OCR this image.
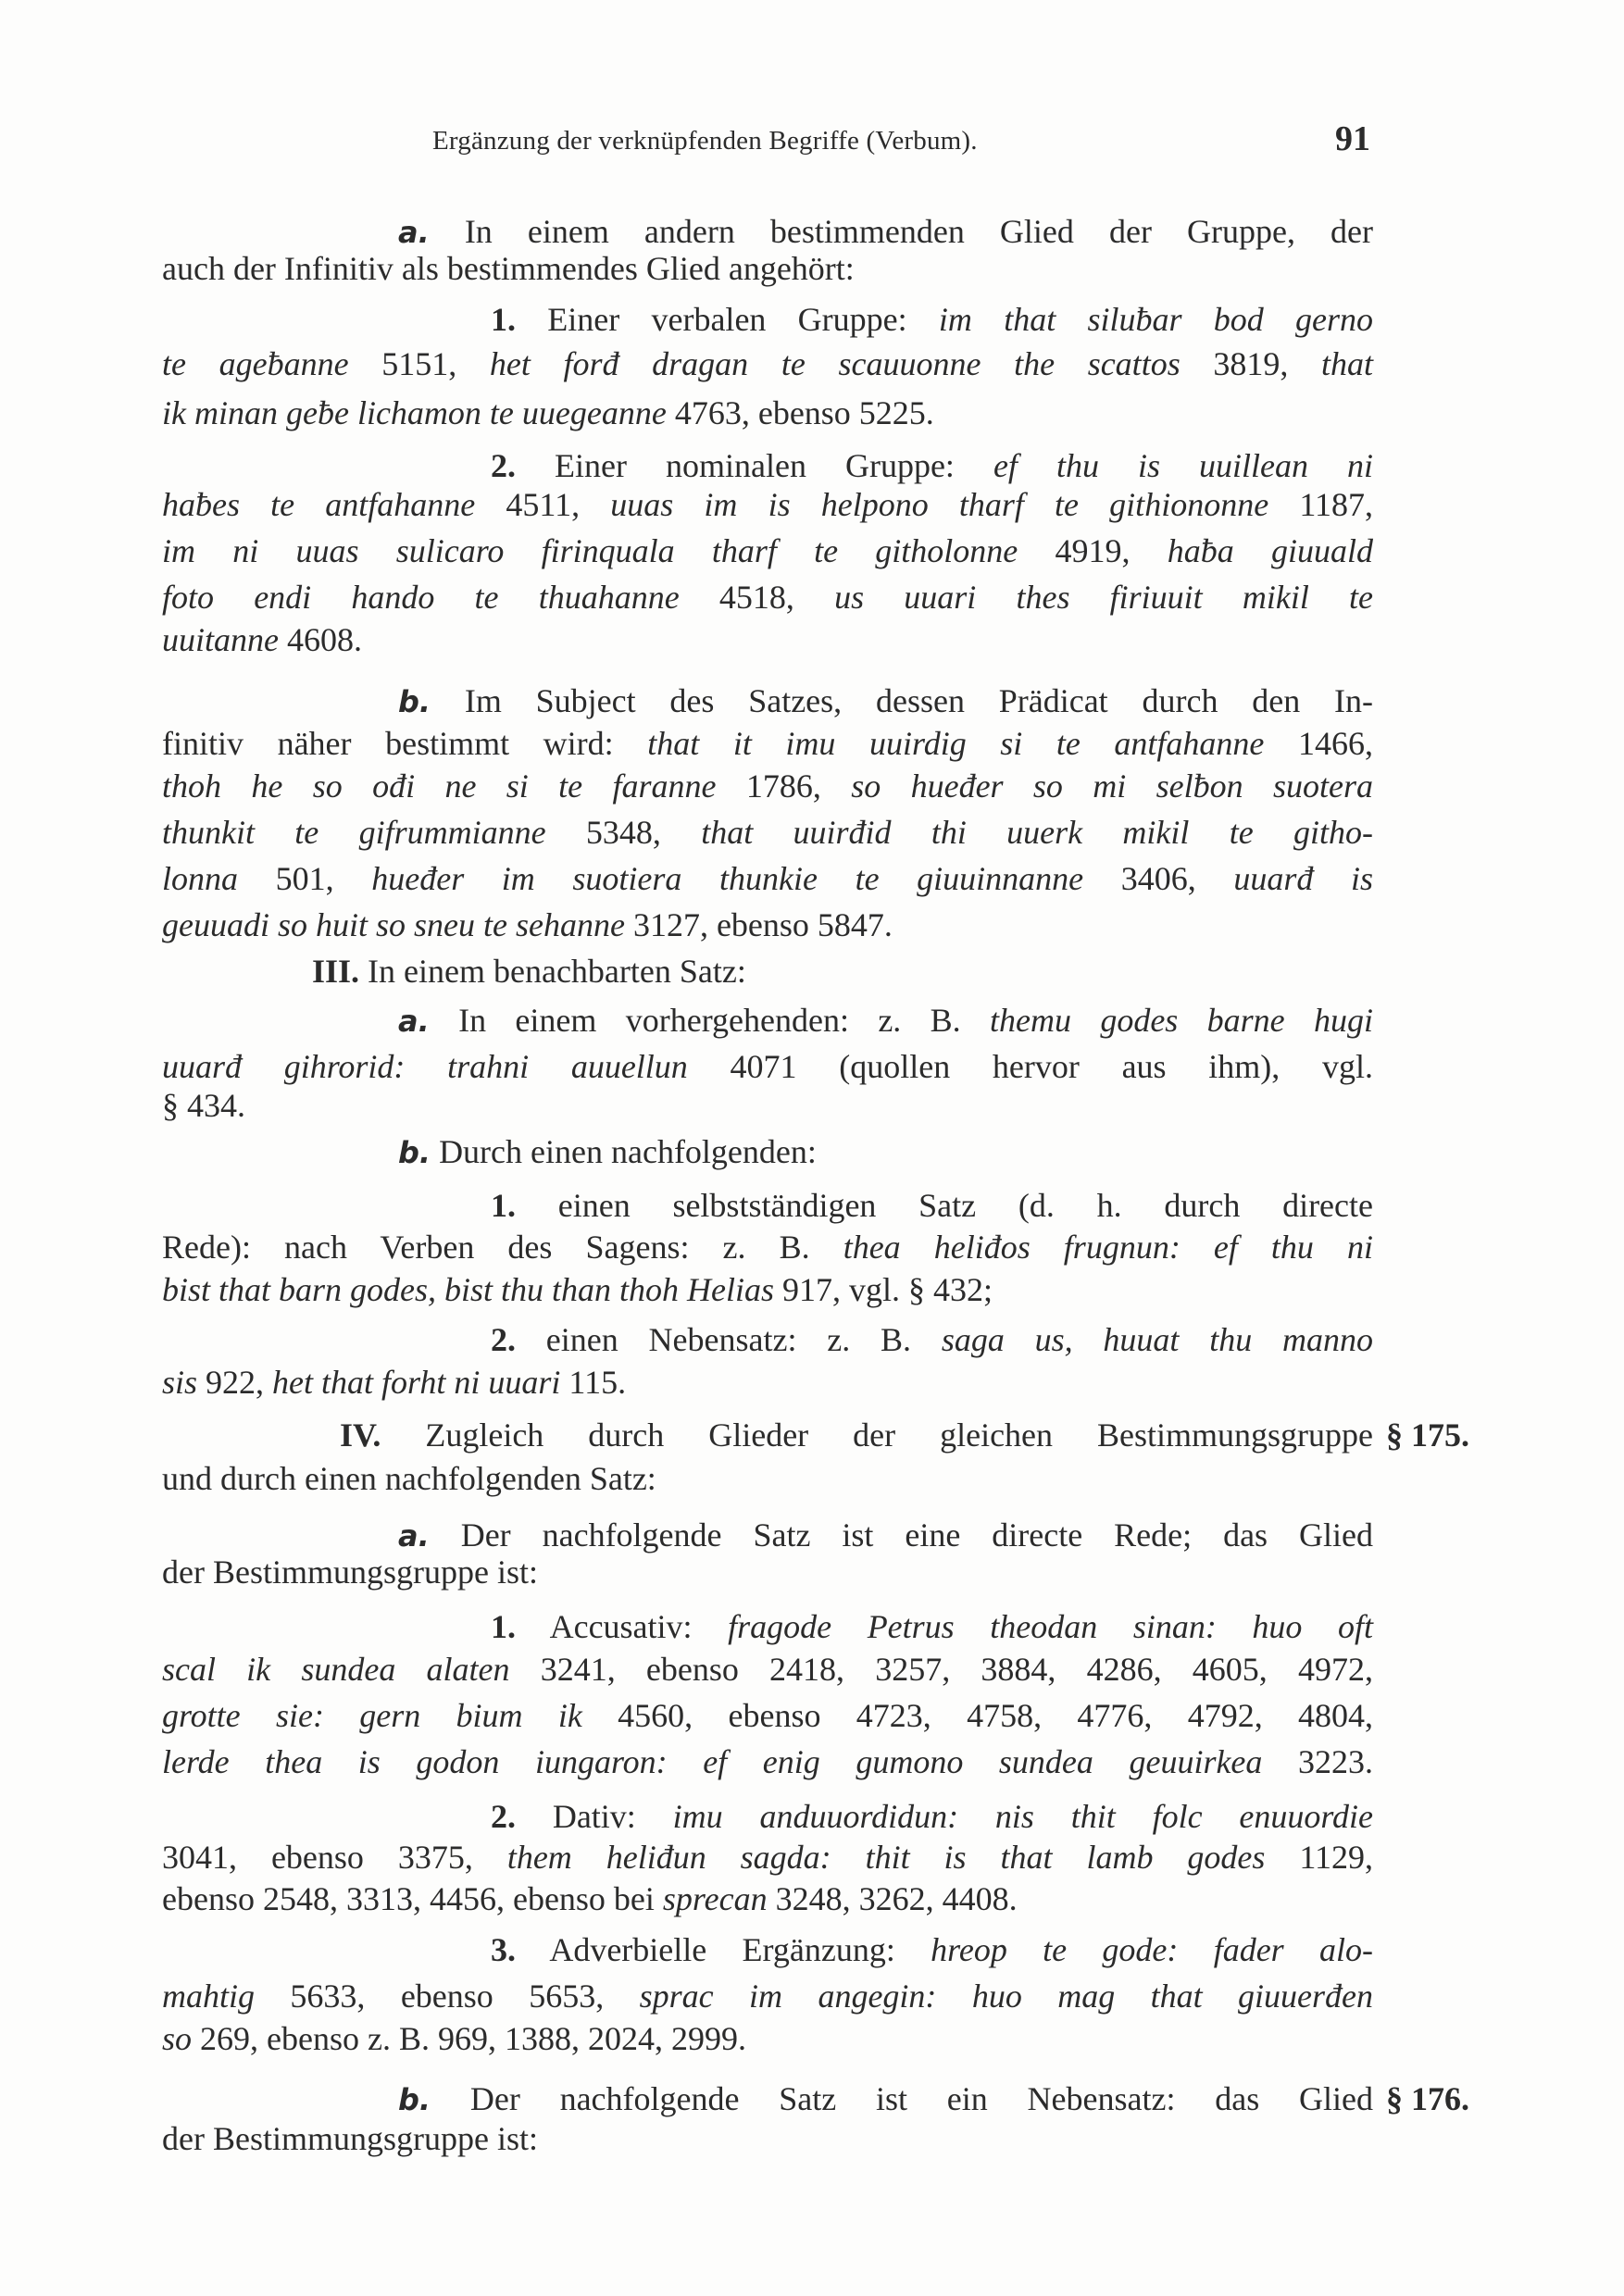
Ergänzung der verknüpfenden Begriffe (Verbum).	91
a. In einem andern bestimmenden Glied der Gruppe, der
auch der Infinitiv als bestimmendes Glied angehört:
1. Einer verbalen Gruppe: im that siluƀar bod gerno
te ageƀanne 5151, het forđ dragan te scauuonne the scattos 3819, that
ik minan geƀe lichamon te uuegeanne 4763, ebenso 5225.
2. Einer nominalen Gruppe: ef thu is uuillean ni
haƀes te antfahanne 4511, uuas im is helpono tharf te githiononne 1187,
im ni uuas sulicaro firinquala tharf te githolonne 4919, haƀa giuuald
foto endi hando te thuahanne 4518, us uuari thes firiuuit mikil te
uuitanne 4608.
b. Im Subject des Satzes, dessen Prädicat durch den In-
finitiv näher bestimmt wird: that it imu uuirdig si te antfahanne 1466,
thoh he so ođi ne si te faranne 1786, so hueđer so mi selƀon suotera
thunkit te gifrummianne 5348, that uuirđid thi uuerk mikil te githo-
lonna 501, hueđer im suotiera thunkie te giuuinnanne 3406, uuarđ is
geuuadi so huit so sneu te sehanne 3127, ebenso 5847.
III. In einem benachbarten Satz:
a. In einem vorhergehenden: z. B. themu godes barne hugi
uuarđ gihrorid: trahni auuellun 4071 (quollen hervor aus ihm), vgl.
§ 434.
b. Durch einen nachfolgenden:
1. einen selbstständigen Satz (d. h. durch directe
Rede): nach Verben des Sagens: z. B. thea heliđos frugnun: ef thu ni
bist that barn godes, bist thu than thoh Helias 917, vgl. § 432;
2. einen Nebensatz: z. B. saga us, huuat thu manno
sis 922, het that forht ni uuari 115.
IV. Zugleich durch Glieder der gleichen Bestimmungsgruppe
und durch einen nachfolgenden Satz:
a. Der nachfolgende Satz ist eine directe Rede; das Glied
der Bestimmungsgruppe ist:
1. Accusativ: fragode Petrus theodan sinan: huo oft
scal ik sundea alaten 3241, ebenso 2418, 3257, 3884, 4286, 4605, 4972,
grotte sie: gern bium ik 4560, ebenso 4723, 4758, 4776, 4792, 4804,
lerde thea is godon iungaron: ef enig gumono sundea geuuirkea 3223.
2. Dativ: imu anduuordidun: nis thit folc enuuordie
3041, ebenso 3375, them heliđun sagda: thit is that lamb godes 1129,
ebenso 2548, 3313, 4456, ebenso bei sprecan 3248, 3262, 4408.
3. Adverbielle Ergänzung: hreop te gode: fader alo-
mahtig 5633, ebenso 5653, sprac im angegin: huo mag that giuuerđen
so 269, ebenso z. B. 969, 1388, 2024, 2999.
b. Der nachfolgende Satz ist ein Nebensatz: das Glied
der Bestimmungsgruppe ist:
§ 175.
§ 176.
